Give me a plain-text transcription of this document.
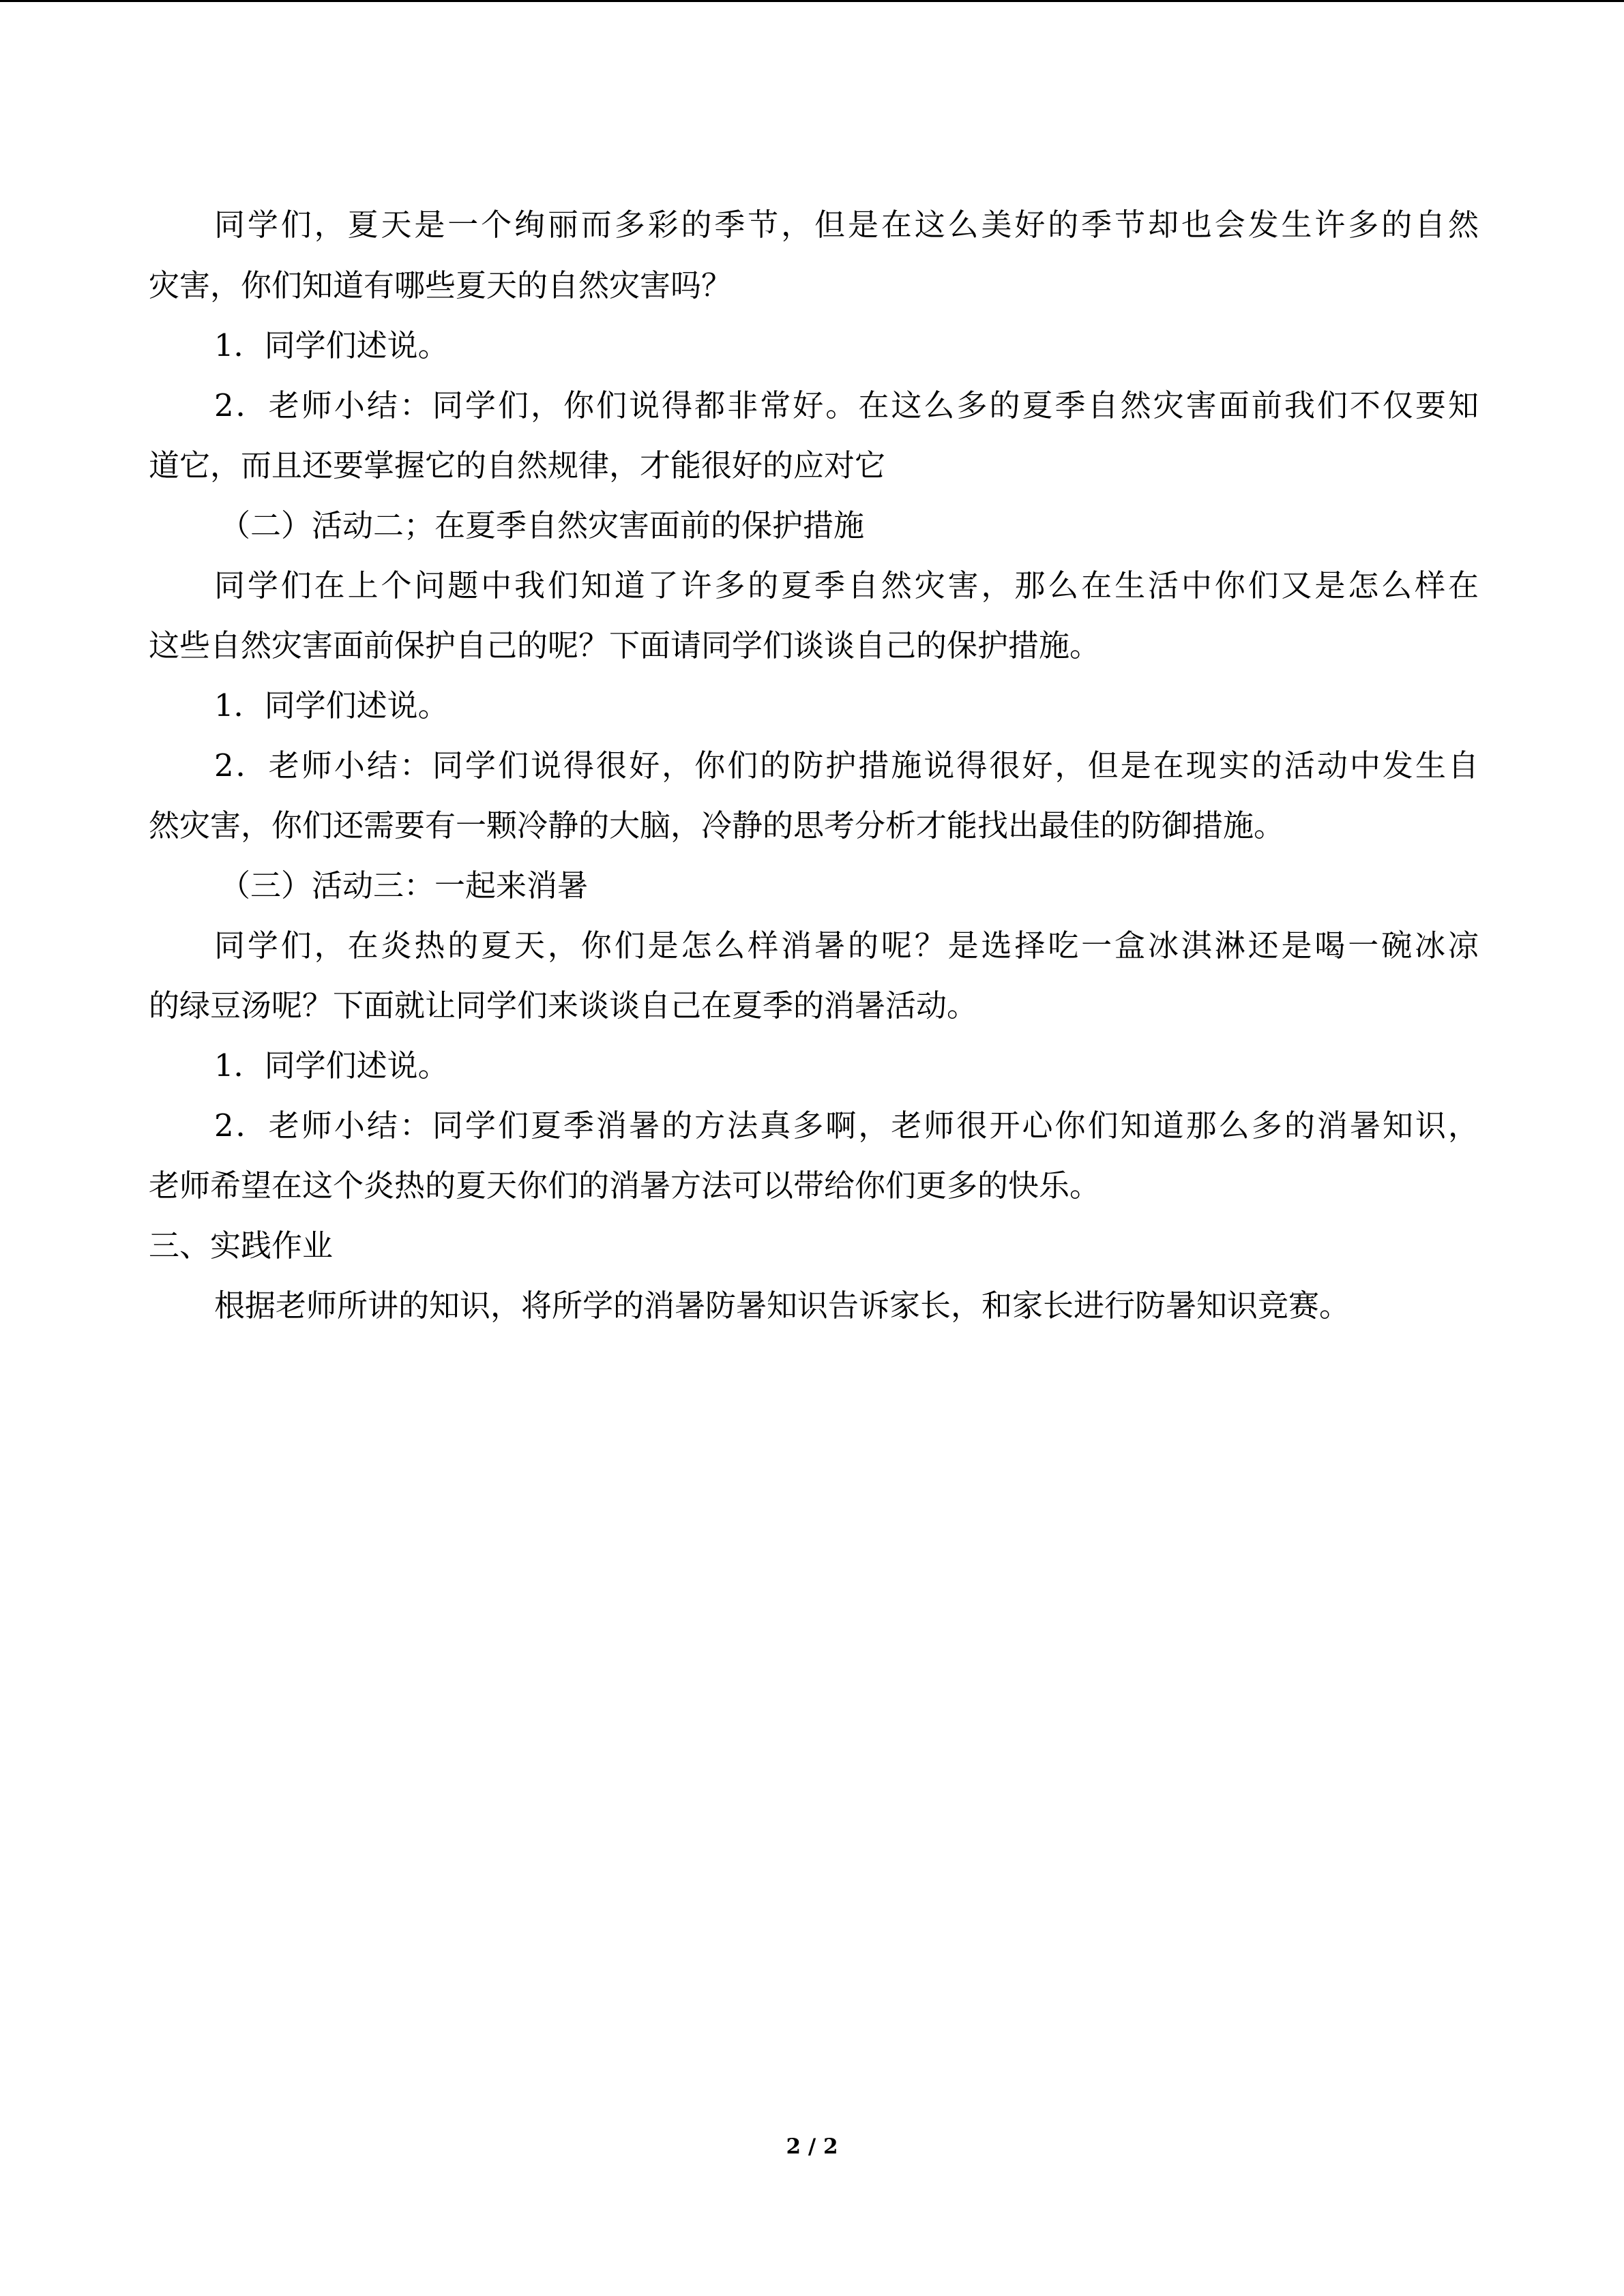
同学们，夏天是一个绚丽而多彩的季节，但是在这么美好的季节却也会发生许多的自然
灾害，你们知道有哪些夏天的自然灾害吗？
1．同学们述说。
2．老师小结：同学们，你们说得都非常好。在这么多的夏季自然灾害面前我们不仅要知
道它，而且还要掌握它的自然规律，才能很好的应对它
（二）活动二；在夏季自然灾害面前的保护措施
同学们在上个问题中我们知道了许多的夏季自然灾害，那么在生活中你们又是怎么样在
这些自然灾害面前保护自己的呢？下面请同学们谈谈自己的保护措施。
1．同学们述说。
2．老师小结：同学们说得很好，你们的防护措施说得很好，但是在现实的活动中发生自
然灾害，你们还需要有一颗冷静的大脑，冷静的思考分析才能找出最佳的防御措施。
（三）活动三：一起来消暑
同学们，在炎热的夏天，你们是怎么样消暑的呢？是选择吃一盒冰淇淋还是喝一碗冰凉
的绿豆汤呢？下面就让同学们来谈谈自己在夏季的消暑活动。
1．同学们述说。
2．老师小结：同学们夏季消暑的方法真多啊，老师很开心你们知道那么多的消暑知识，
老师希望在这个炎热的夏天你们的消暑方法可以带给你们更多的快乐。
三、实践作业
根据老师所讲的知识，将所学的消暑防暑知识告诉家长，和家长进行防暑知识竞赛。
2 / 2
